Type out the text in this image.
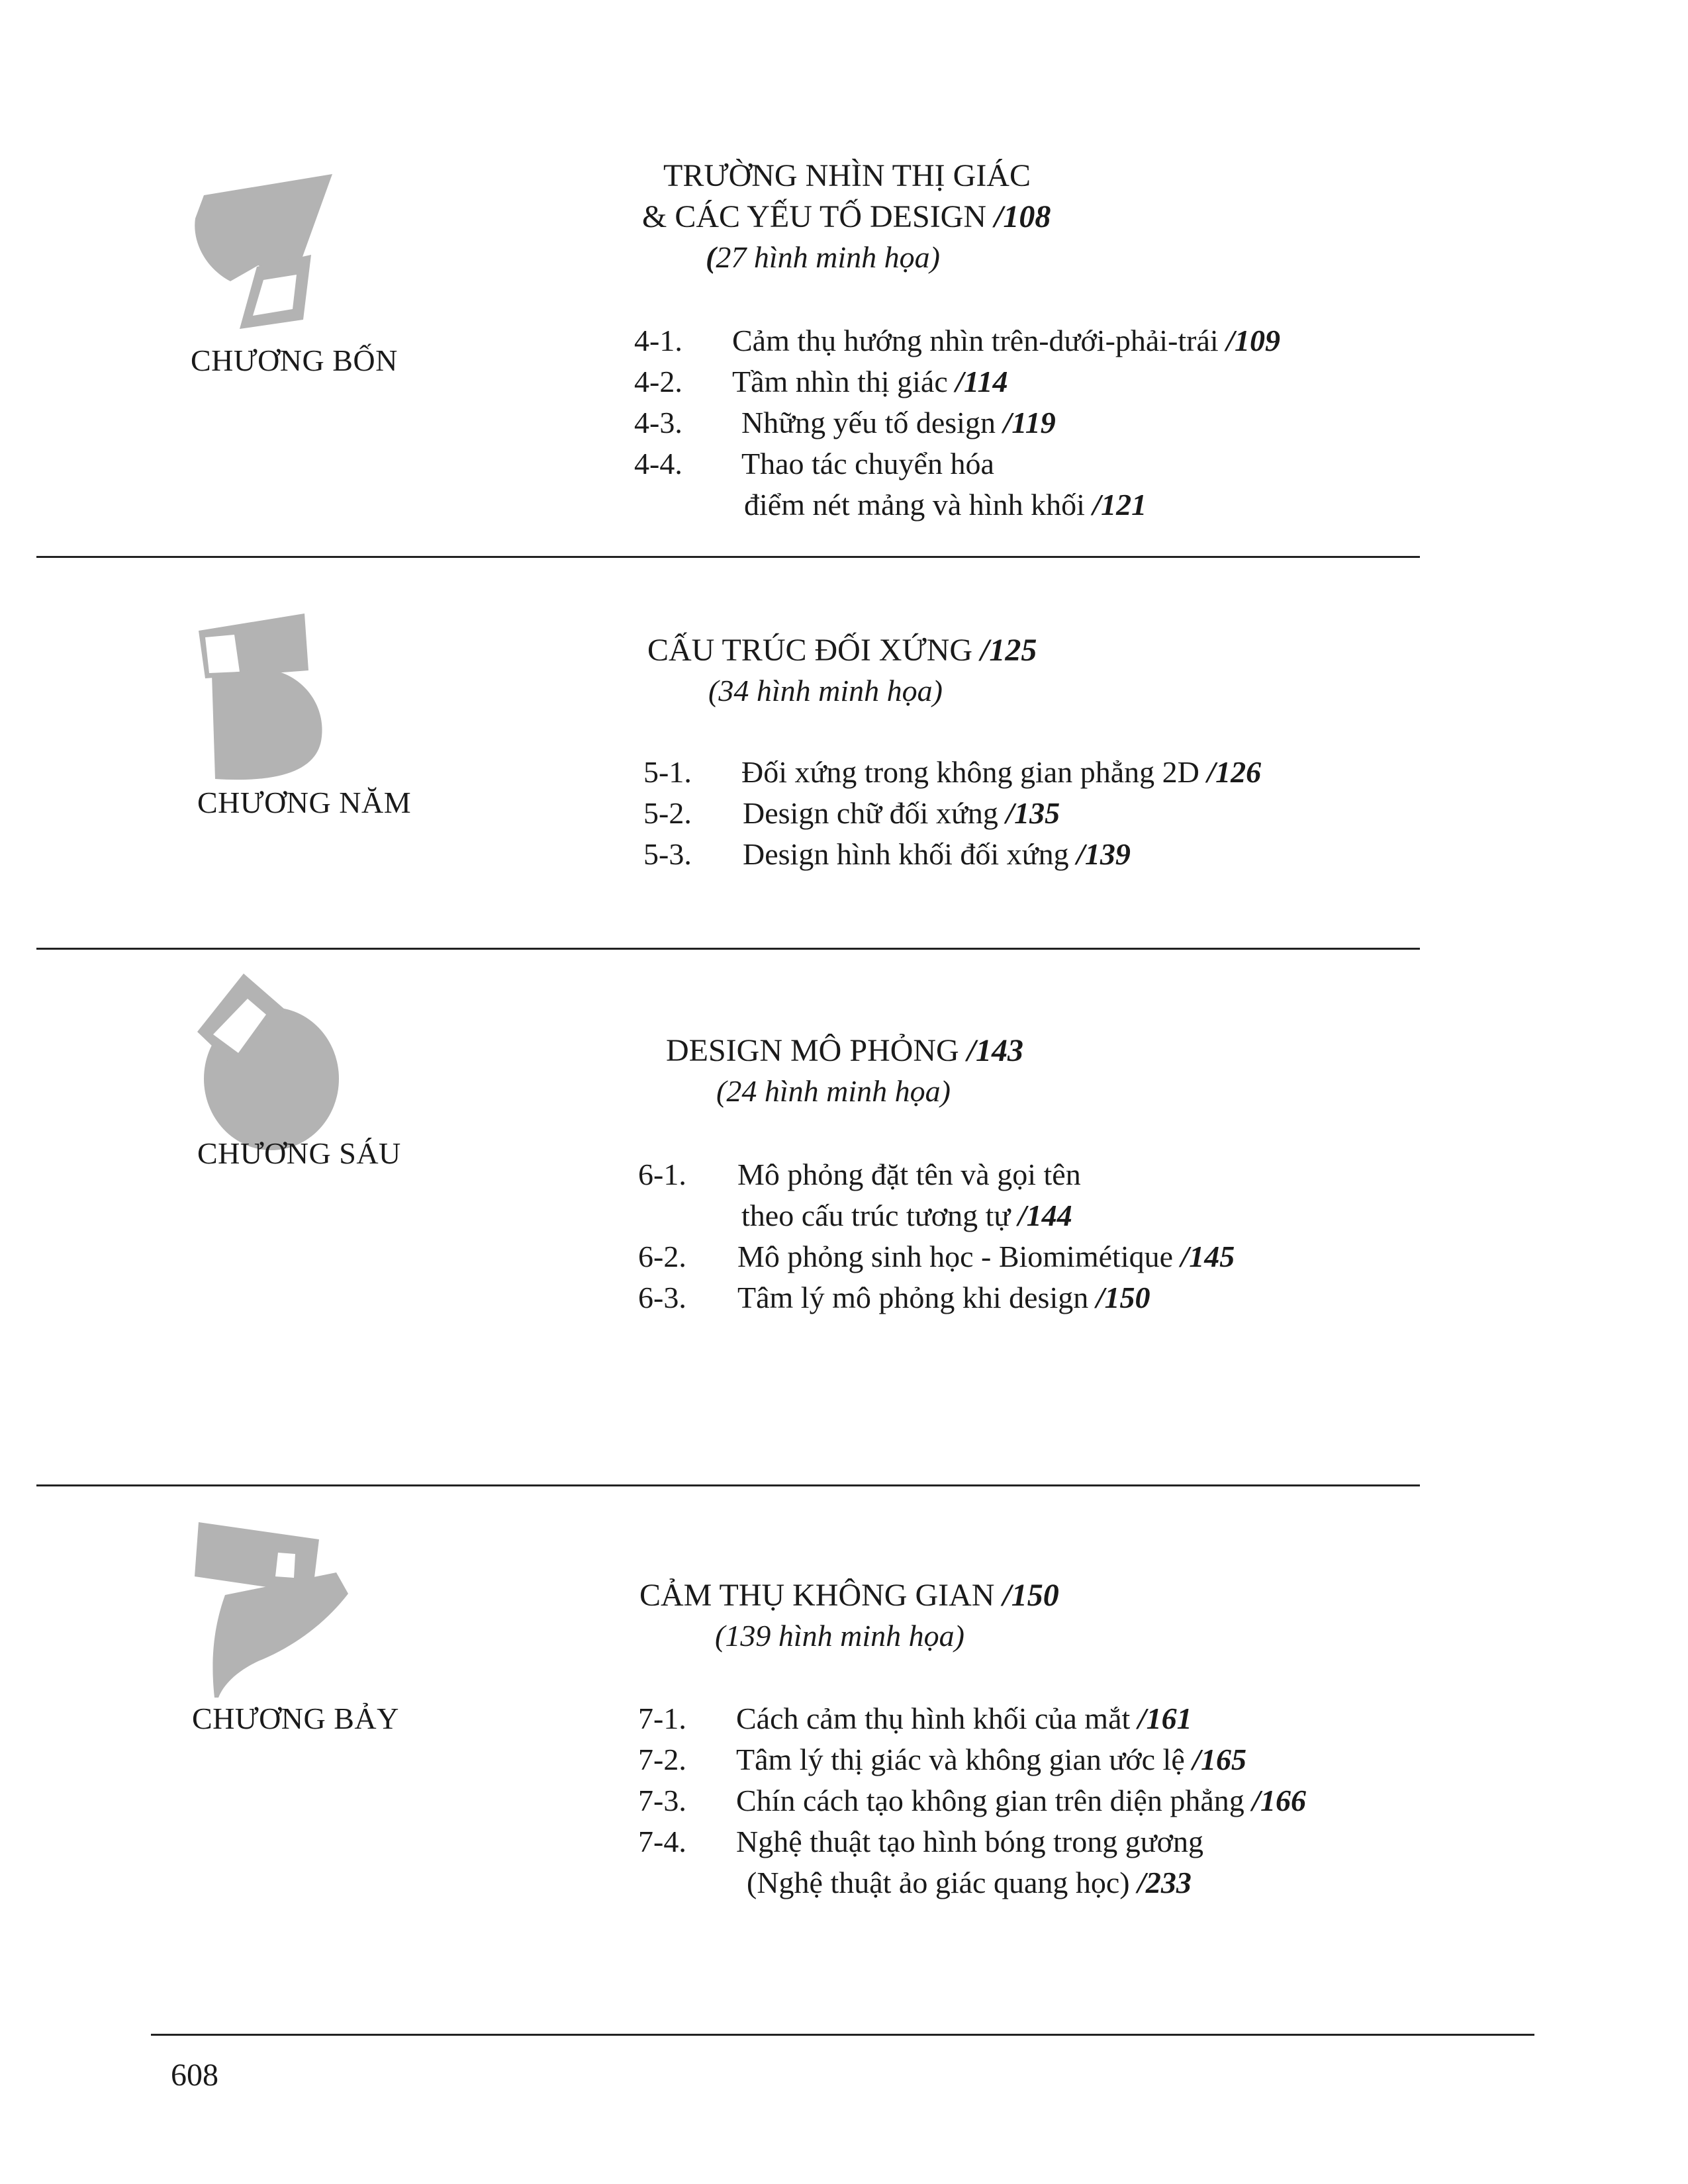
CHƯƠNG BỐN
TRƯỜNG NHÌN THỊ GIÁC
& CÁC YẾU TỐ DESIGN /108
(27 hình minh họa)
4-1. Cảm thụ hướng nhìn trên-dưới-phải-trái /109
4-2. Tầm nhìn thị giác /114
4-3. Những yếu tố design /119
4-4. Thao tác chuyển hóa
điểm nét mảng và hình khối /121
CHƯƠNG NĂM
CẤU TRÚC ĐỐI XỨNG /125
(34 hình minh họa)
5-1. Đối xứng trong không gian phẳng 2D /126
5-2. Design chữ đối xứng /135
5-3. Design hình khối đối xứng /139
CHƯƠNG SÁU
DESIGN MÔ PHỎNG /143
(24 hình minh họa)
6-1. Mô phỏng đặt tên và gọi tên
theo cấu trúc tương tự /144
6-2. Mô phỏng sinh học - Biomimétique /145
6-3. Tâm lý mô phỏng khi design /150
CHƯƠNG BẢY
CẢM THỤ KHÔNG GIAN /150
(139 hình minh họa)
7-1. Cách cảm thụ hình khối của mắt /161
7-2. Tâm lý thị giác và không gian ước lệ /165
7-3. Chín cách tạo không gian trên diện phẳng /166
7-4. Nghệ thuật tạo hình bóng trong gương
(Nghệ thuật ảo giác quang học) /233
608
